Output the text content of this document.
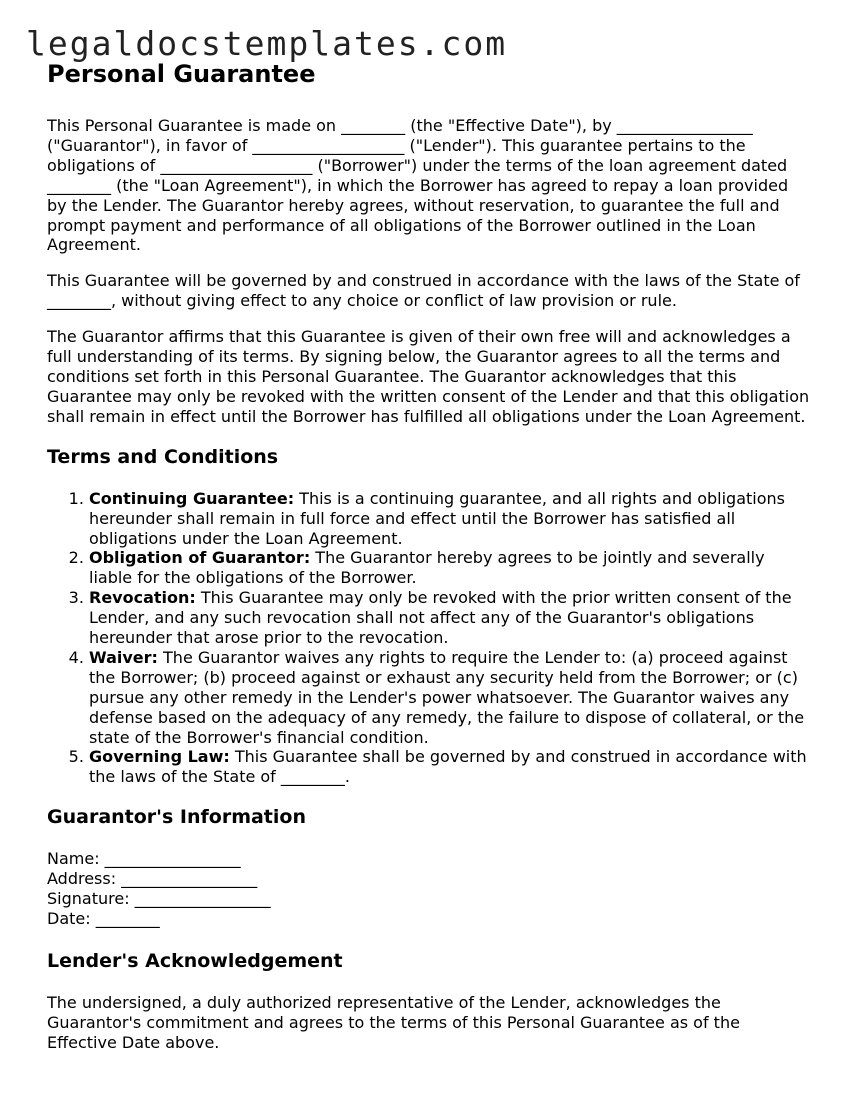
legaldocstemplates.com
Personal Guarantee

This Personal Guarantee is made on ________ (the "Effective Date"), by _________________ ("Guarantor"), in favor of ___________________ ("Lender"). This guarantee pertains to the obligations of ___________________ ("Borrower") under the terms of the loan agreement dated ________ (the "Loan Agreement"), in which the Borrower has agreed to repay a loan provided by the Lender. The Guarantor hereby agrees, without reservation, to guarantee the full and prompt payment and performance of all obligations of the Borrower outlined in the Loan Agreement.

This Guarantee will be governed by and construed in accordance with the laws of the State of ________, without giving effect to any choice or conflict of law provision or rule.

The Guarantor affirms that this Guarantee is given of their own free will and acknowledges a full understanding of its terms. By signing below, the Guarantor agrees to all the terms and conditions set forth in this Personal Guarantee. The Guarantor acknowledges that this Guarantee may only be revoked with the written consent of the Lender and that this obligation shall remain in effect until the Borrower has fulfilled all obligations under the Loan Agreement.

Terms and Conditions
1. Continuing Guarantee: This is a continuing guarantee, and all rights and obligations hereunder shall remain in full force and effect until the Borrower has satisfied all obligations under the Loan Agreement.
2. Obligation of Guarantor: The Guarantor hereby agrees to be jointly and severally liable for the obligations of the Borrower.
3. Revocation: This Guarantee may only be revoked with the prior written consent of the Lender, and any such revocation shall not affect any of the Guarantor's obligations hereunder that arose prior to the revocation.
4. Waiver: The Guarantor waives any rights to require the Lender to: (a) proceed against the Borrower; (b) proceed against or exhaust any security held from the Borrower; or (c) pursue any other remedy in the Lender's power whatsoever. The Guarantor waives any defense based on the adequacy of any remedy, the failure to dispose of collateral, or the state of the Borrower's financial condition.
5. Governing Law: This Guarantee shall be governed by and construed in accordance with the laws of the State of ________.
Guarantor's Information
Name: _________________
Address: _________________
Signature: _________________
Date: ________
Lender's Acknowledgement

The undersigned, a duly authorized representative of the Lender, acknowledges the Guarantor's commitment and agrees to the terms of this Personal Guarantee as of the Effective Date above.
